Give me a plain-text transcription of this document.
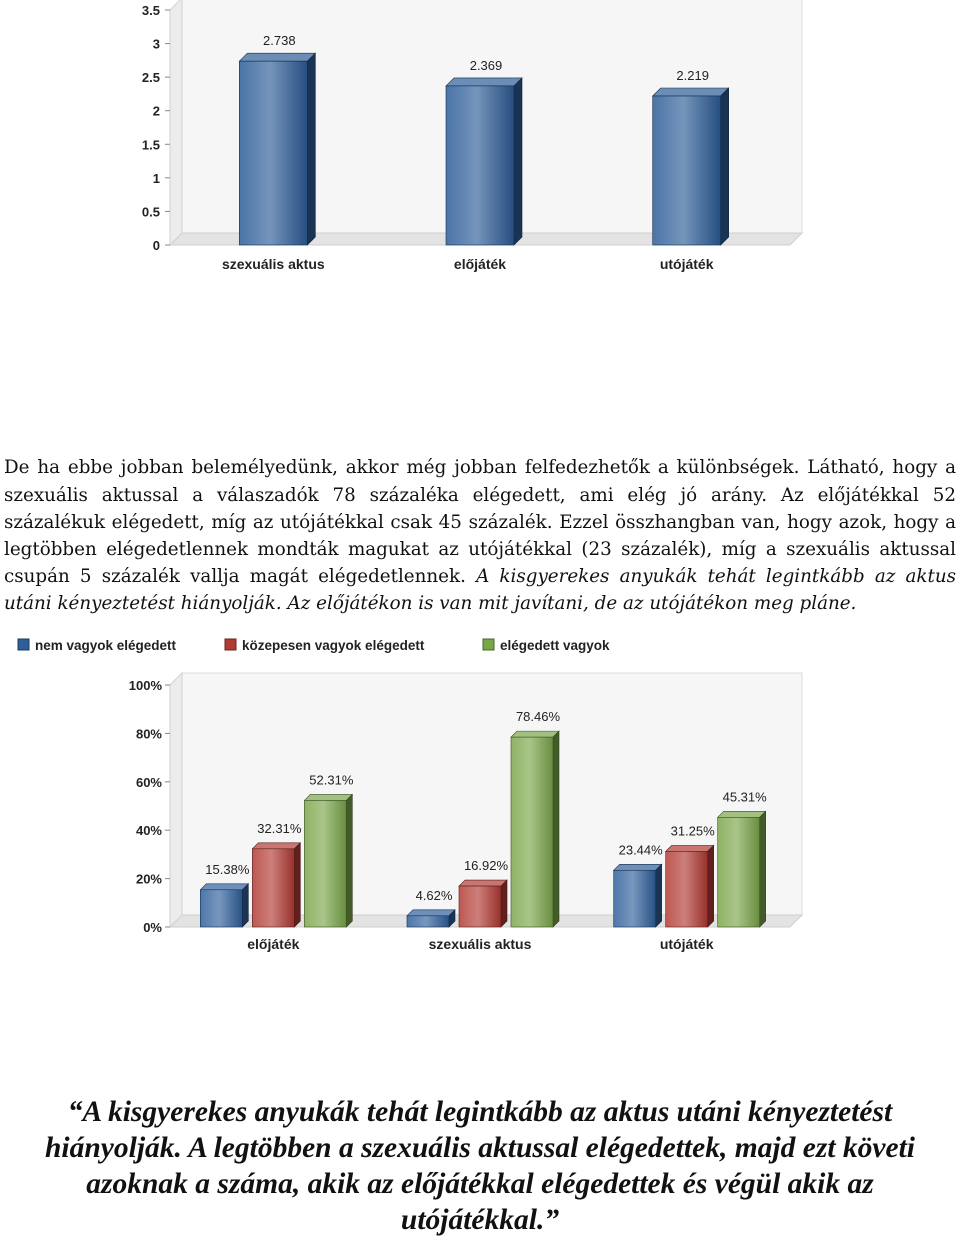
0
0.5
1
1.5
2
2.5
3
3.5
2.738
szexuális aktus
2.369
előjáték
2.219
utójáték

De ha ebbe jobban belemélyedünk, akkor még jobban felfedezhetők a különbségek. Látható, hogy a szexuális aktussal a válaszadók 78 százaléka elégedett, ami elég jó arány. Az előjátékkal 52 százalékuk elégedett, míg az utójátékkal csak 45 százalék. Ezzel összhangban van, hogy azok, hogy a legtöbben elégedetlennek mondták magukat az utójátékkal (23 százalék), míg a szexuális aktussal csupán 5 százalék vallja magát elégedetlennek. A kisgyerekes anyukák tehát legintkább az aktus utáni kényeztetést hiányolják. Az előjátékon is van mit javítani, de az utójátékon meg pláne.

nem vagyok elégedett	közepesen vagyok elégedett	elégedett vagyok
0%
20%
40%
60%
80%
100%
15.38%
32.31%
52.31%
előjáték
4.62%
16.92%
78.46%
szexuális aktus
23.44%
31.25%
45.31%
utójáték

“A kisgyerekes anyukák tehát legintkább az aktus utáni kényeztetést hiányolják. A legtöbben a szexuális aktussal elégedettek, majd ezt követi azoknak a száma, akik az előjátékkal elégedettek és végül akik az utójátékkal.”
